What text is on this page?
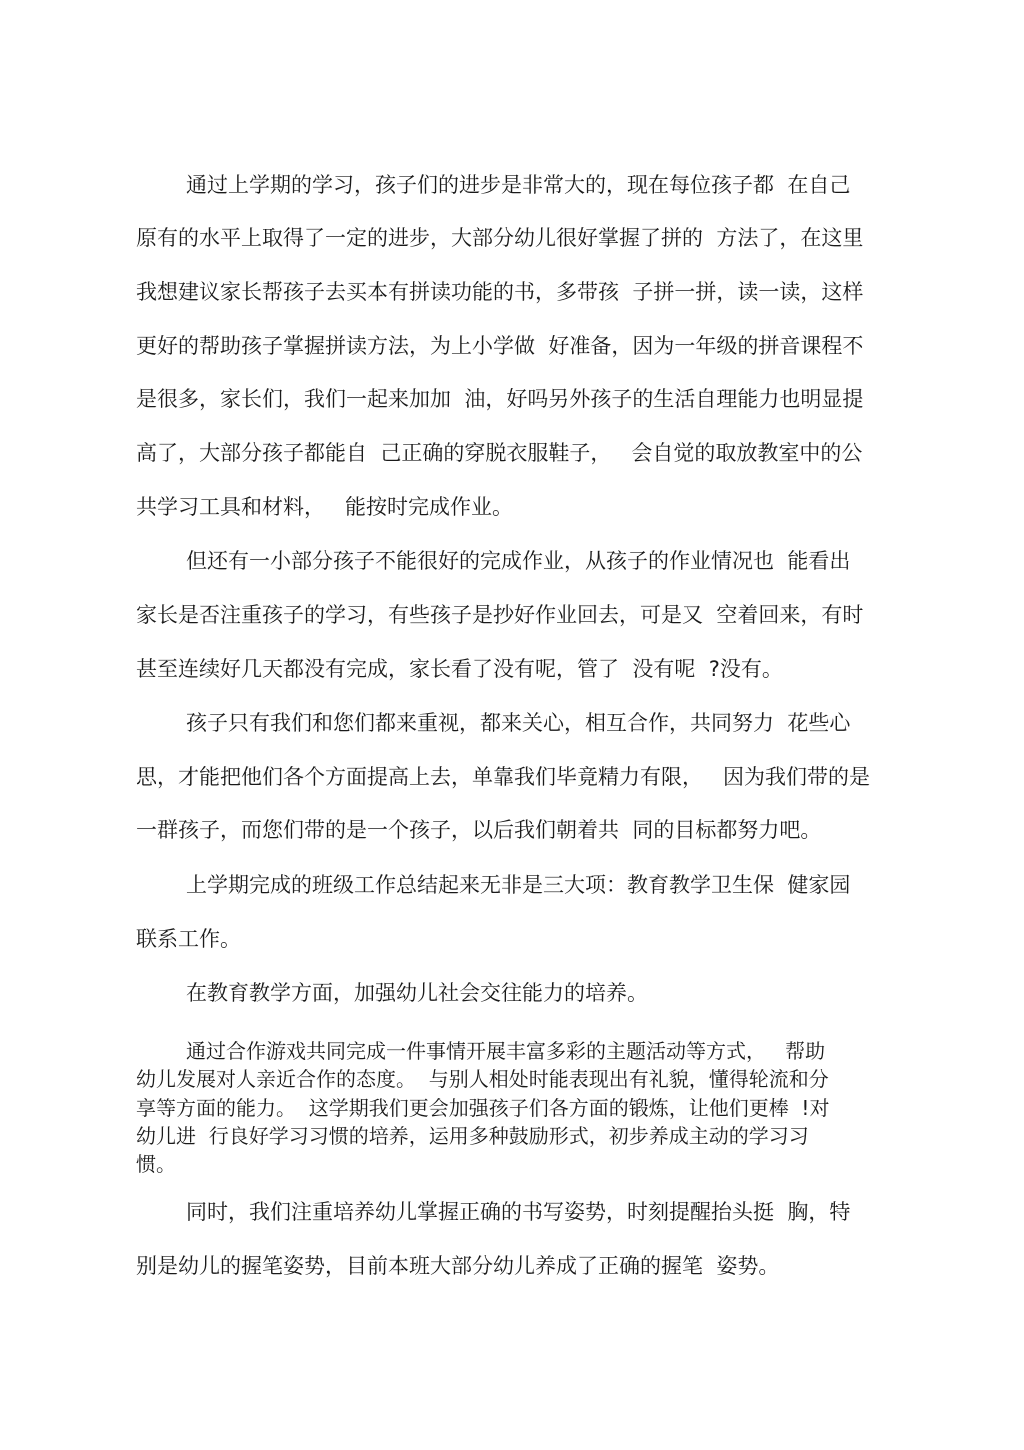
通过上学期的学习，孩子们的进步是非常大的，现在每位孩子都  在自己
原有的水平上取得了一定的进步，大部分幼儿很好掌握了拼的  方法了，在这里
我想建议家长帮孩子去买本有拼读功能的书，多带孩  子拼一拼，读一读，这样
更好的帮助孩子掌握拼读方法，为上小学做  好准备，因为一年级的拼音课程不
是很多，家长们，我们一起来加加  油，好吗另外孩子的生活自理能力也明显提
高了，大部分孩子都能自  己正确的穿脱衣服鞋子，   会自觉的取放教室中的公
共学习工具和材料，   能按时完成作业。
但还有一小部分孩子不能很好的完成作业，从孩子的作业情况也  能看出
家长是否注重孩子的学习，有些孩子是抄好作业回去，可是又  空着回来，有时
甚至连续好几天都没有完成，家长看了没有呢，管了  没有呢  ?没有。
孩子只有我们和您们都来重视，都来关心，相互合作，共同努力  花些心
思，才能把他们各个方面提高上去，单靠我们毕竟精力有限，   因为我们带的是
一群孩子，而您们带的是一个孩子，以后我们朝着共  同的目标都努力吧。
上学期完成的班级工作总结起来无非是三大项：教育教学卫生保  健家园
联系工作。
在教育教学方面，加强幼儿社会交往能力的培养。
通过合作游戏共同完成一件事情开展丰富多彩的主题活动等方式，   帮助
幼儿发展对人亲近合作的态度。  与别人相处时能表现出有礼貌，懂得轮流和分
享等方面的能力。  这学期我们更会加强孩子们各方面的锻炼，让他们更棒  !对
幼儿进  行良好学习习惯的培养，运用多种鼓励形式，初步养成主动的学习习
惯。
同时，我们注重培养幼儿掌握正确的书写姿势，时刻提醒抬头挺  胸，特
别是幼儿的握笔姿势，目前本班大部分幼儿养成了正确的握笔  姿势。
